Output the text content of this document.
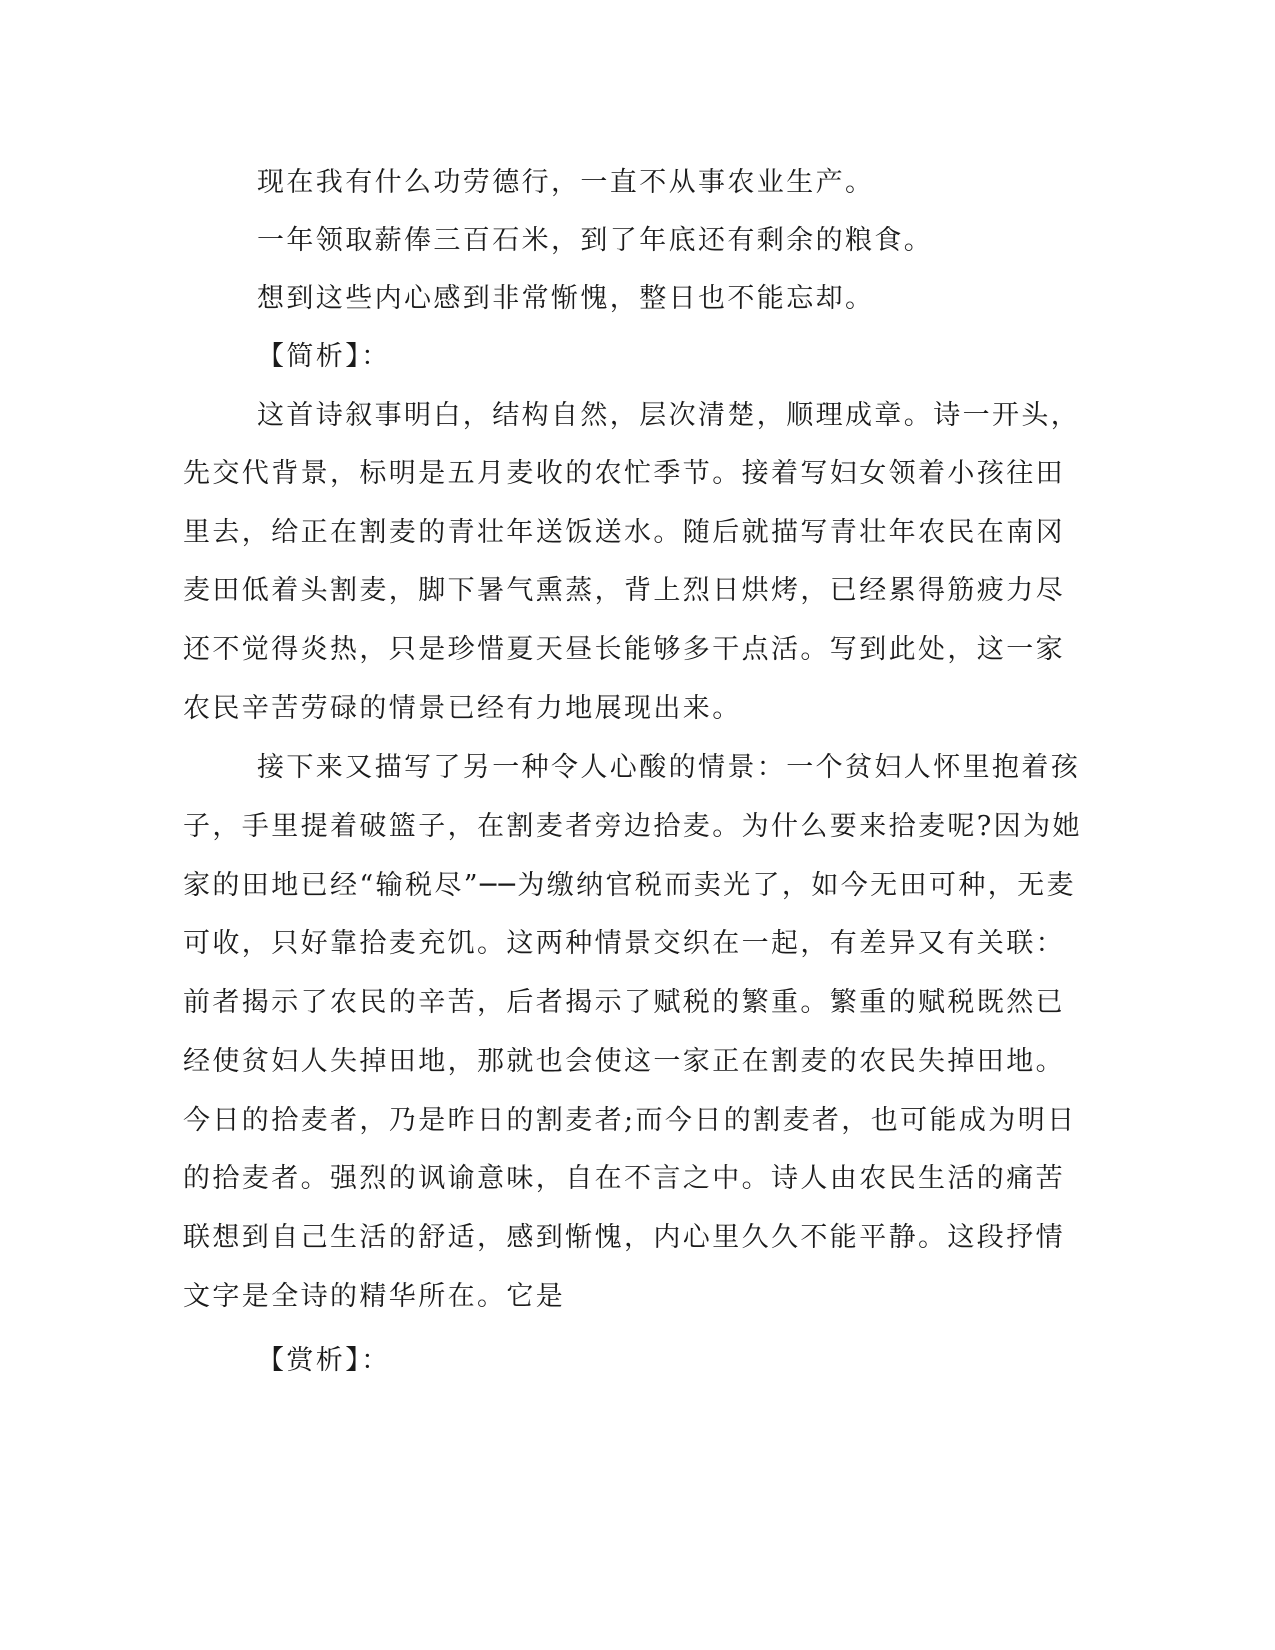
现在我有什么功劳德行，一直不从事农业生产。

一年领取薪俸三百石米，到了年底还有剩余的粮食。

想到这些内心感到非常惭愧，整日也不能忘却。

【简析】：

这首诗叙事明白，结构自然，层次清楚，顺理成章。诗一开头，

先交代背景，标明是五月麦收的农忙季节。接着写妇女领着小孩往田

里去，给正在割麦的青壮年送饭送水。随后就描写青壮年农民在南冈

麦田低着头割麦，脚下暑气熏蒸，背上烈日烘烤，已经累得筋疲力尽

还不觉得炎热，只是珍惜夏天昼长能够多干点活。写到此处，这一家

农民辛苦劳碌的情景已经有力地展现出来。

接下来又描写了另一种令人心酸的情景：一个贫妇人怀里抱着孩

子，手里提着破篮子，在割麦者旁边拾麦。为什么要来拾麦呢?因为她

家的田地已经“输税尽”──为缴纳官税而卖光了，如今无田可种，无麦

可收，只好靠拾麦充饥。这两种情景交织在一起，有差异又有关联：

前者揭示了农民的辛苦，后者揭示了赋税的繁重。繁重的赋税既然已

经使贫妇人失掉田地，那就也会使这一家正在割麦的农民失掉田地。

今日的拾麦者，乃是昨日的割麦者;而今日的割麦者，也可能成为明日

的拾麦者。强烈的讽谕意味，自在不言之中。诗人由农民生活的痛苦

联想到自己生活的舒适，感到惭愧，内心里久久不能平静。这段抒情

文字是全诗的精华所在。它是

【赏析】：
